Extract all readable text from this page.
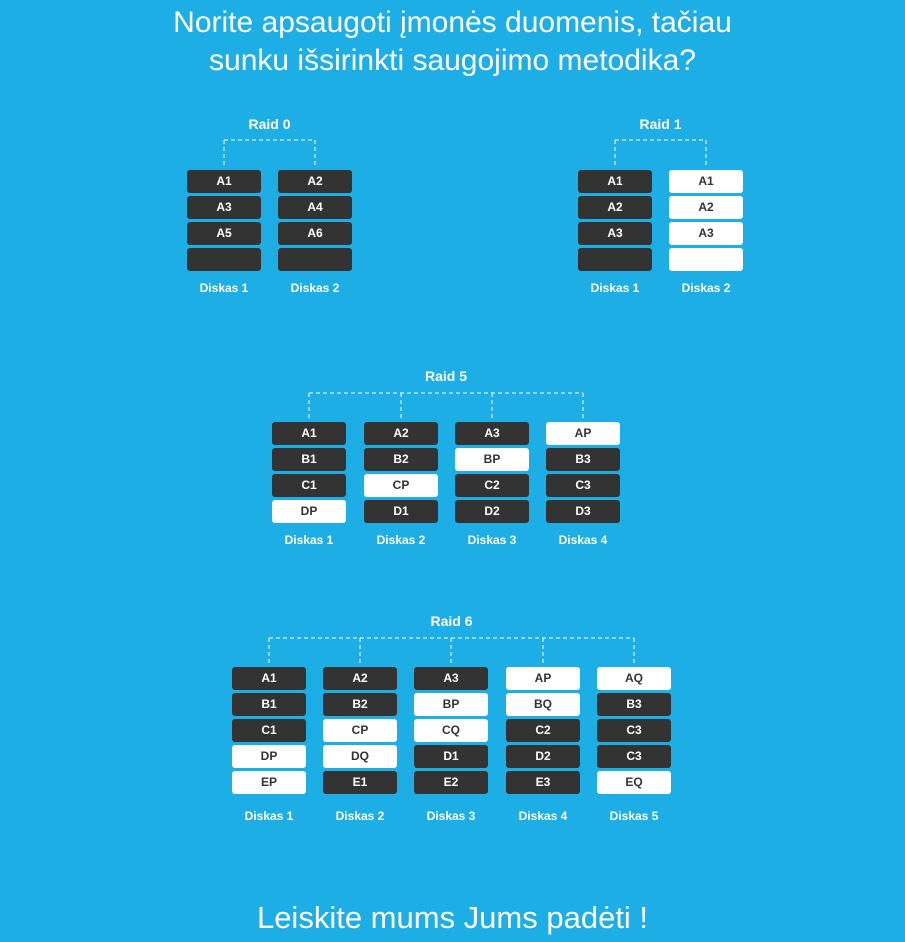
Norite apsaugoti įmonės duomenis, tačiau
sunku išsirinkti saugojimo metodika?
Raid 0
A1
A3
A5
Diskas 1
A2
A4
A6
Diskas 2
Raid 1
A1
A2
A3
Diskas 1
A1
A2
A3
Diskas 2
Raid 5
A1
B1
C1
DP
Diskas 1
A2
B2
CP
D1
Diskas 2
A3
BP
C2
D2
Diskas 3
AP
B3
C3
D3
Diskas 4
Raid 6
A1
B1
C1
DP
EP
Diskas 1
A2
B2
CP
DQ
E1
Diskas 2
A3
BP
CQ
D1
E2
Diskas 3
AP
BQ
C2
D2
E3
Diskas 4
AQ
B3
C3
C3
EQ
Diskas 5
Leiskite mums Jums padėti !
